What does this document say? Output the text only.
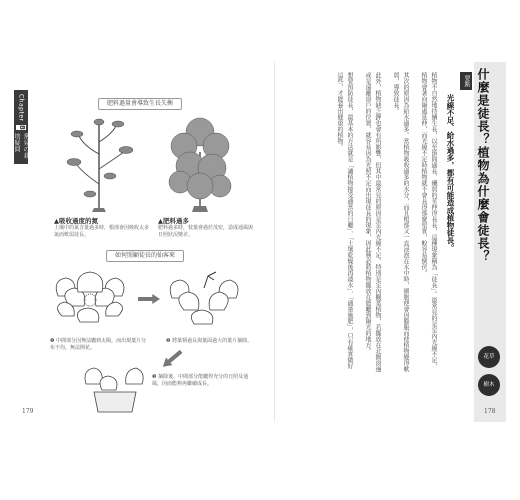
Chapter
8
常見の栽培疑問
肥料過量會導致生長失衡
▲吸收過度的氮
土壤中的氮含量過多時，根部會因吸收太多氮而軟弱徒長。
▲肥料過多
肥料過多時，枝葉會過於茂密，造成通風與日照狀況變差。
如何照顧徒長的仙客來
❶ 中間部分因無法曬到太陽，而出現葉片分布不均，無法開花。
❷ 將葉柄過長與葉面過大的葉片摘除。
❸ 摘除後，中間部分能曬得充分的日照及通風，因而能夠再繼續成長。
179
什麼是徒長？植物為什麼會徒長？
花草
樹木
要點
光線不足、給水過多，都有可能造成植物徒長。

植物不自然地持續生長，以至節間過長、纖弱的莖伸得長長，這種現象稱為「徒長」。最常見的是室內光線不足，植物會著向陽處延伸，而光線不足時植物就不會長得那麼堅實，較容易倒伏。

其次的原因為給水過多。當植物吸收過多的水分，而且根部又一直浸泡在水中時，細胞便會因膨脹而使植物變得軟弱，導致徒長。

此外，植物缺乏鉀也會有所影響，但其中最常見的原因是室內光線不足。特別是室內觀葉植物，若擺放在北側窗邊或是遠離窗戶的位置，就容易因為光照不足而出現徒長的現象，因此務必將植物擺放在能曬到陽光的地方。

想要預防徒長，最基本的方法就是「讓植物接受適當的日曬」、「土壤乾燥後再澆水」、「適量施肥」，只有確實做好這些，才能養出健康的植物。

178
